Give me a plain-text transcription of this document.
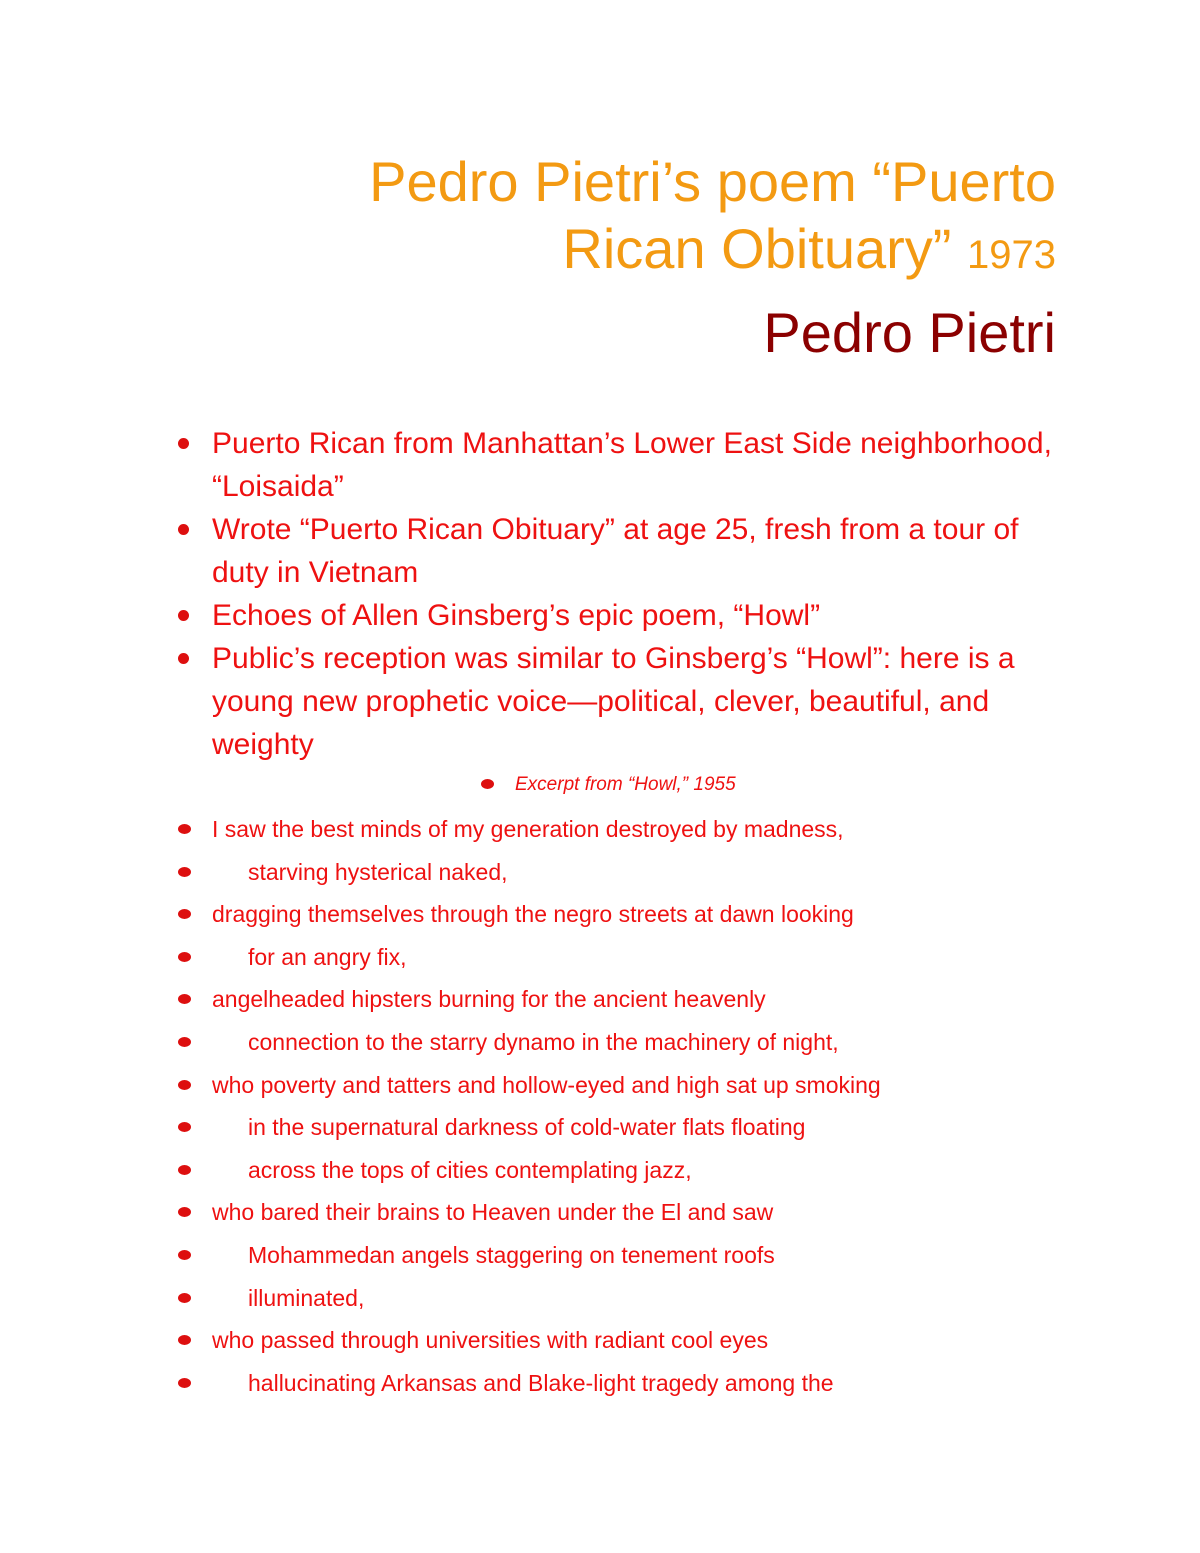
Pedro Pietri’s poem “Puerto
Rican Obituary” 1973
Pedro Pietri
Puerto Rican from Manhattan’s Lower East Side neighborhood, “Loisaida”
Wrote “Puerto Rican Obituary” at age 25, fresh from a tour of duty in Vietnam
Echoes of Allen Ginsberg’s epic poem, “Howl”
Public’s reception was similar to Ginsberg’s “Howl”: here is a young new prophetic voice—political, clever, beautiful, and weighty
Excerpt from “Howl,” 1955
I saw the best minds of my generation destroyed by madness,
starving hysterical naked,
dragging themselves through the negro streets at dawn looking
for an angry fix,
angelheaded hipsters burning for the ancient heavenly
connection to the starry dynamo in the machinery of night,
who poverty and tatters and hollow-eyed and high sat up smoking
in the supernatural darkness of cold-water flats floating
across the tops of cities contemplating jazz,
who bared their brains to Heaven under the El and saw
Mohammedan angels staggering on tenement roofs
illuminated,
who passed through universities with radiant cool eyes
hallucinating Arkansas and Blake-light tragedy among the
